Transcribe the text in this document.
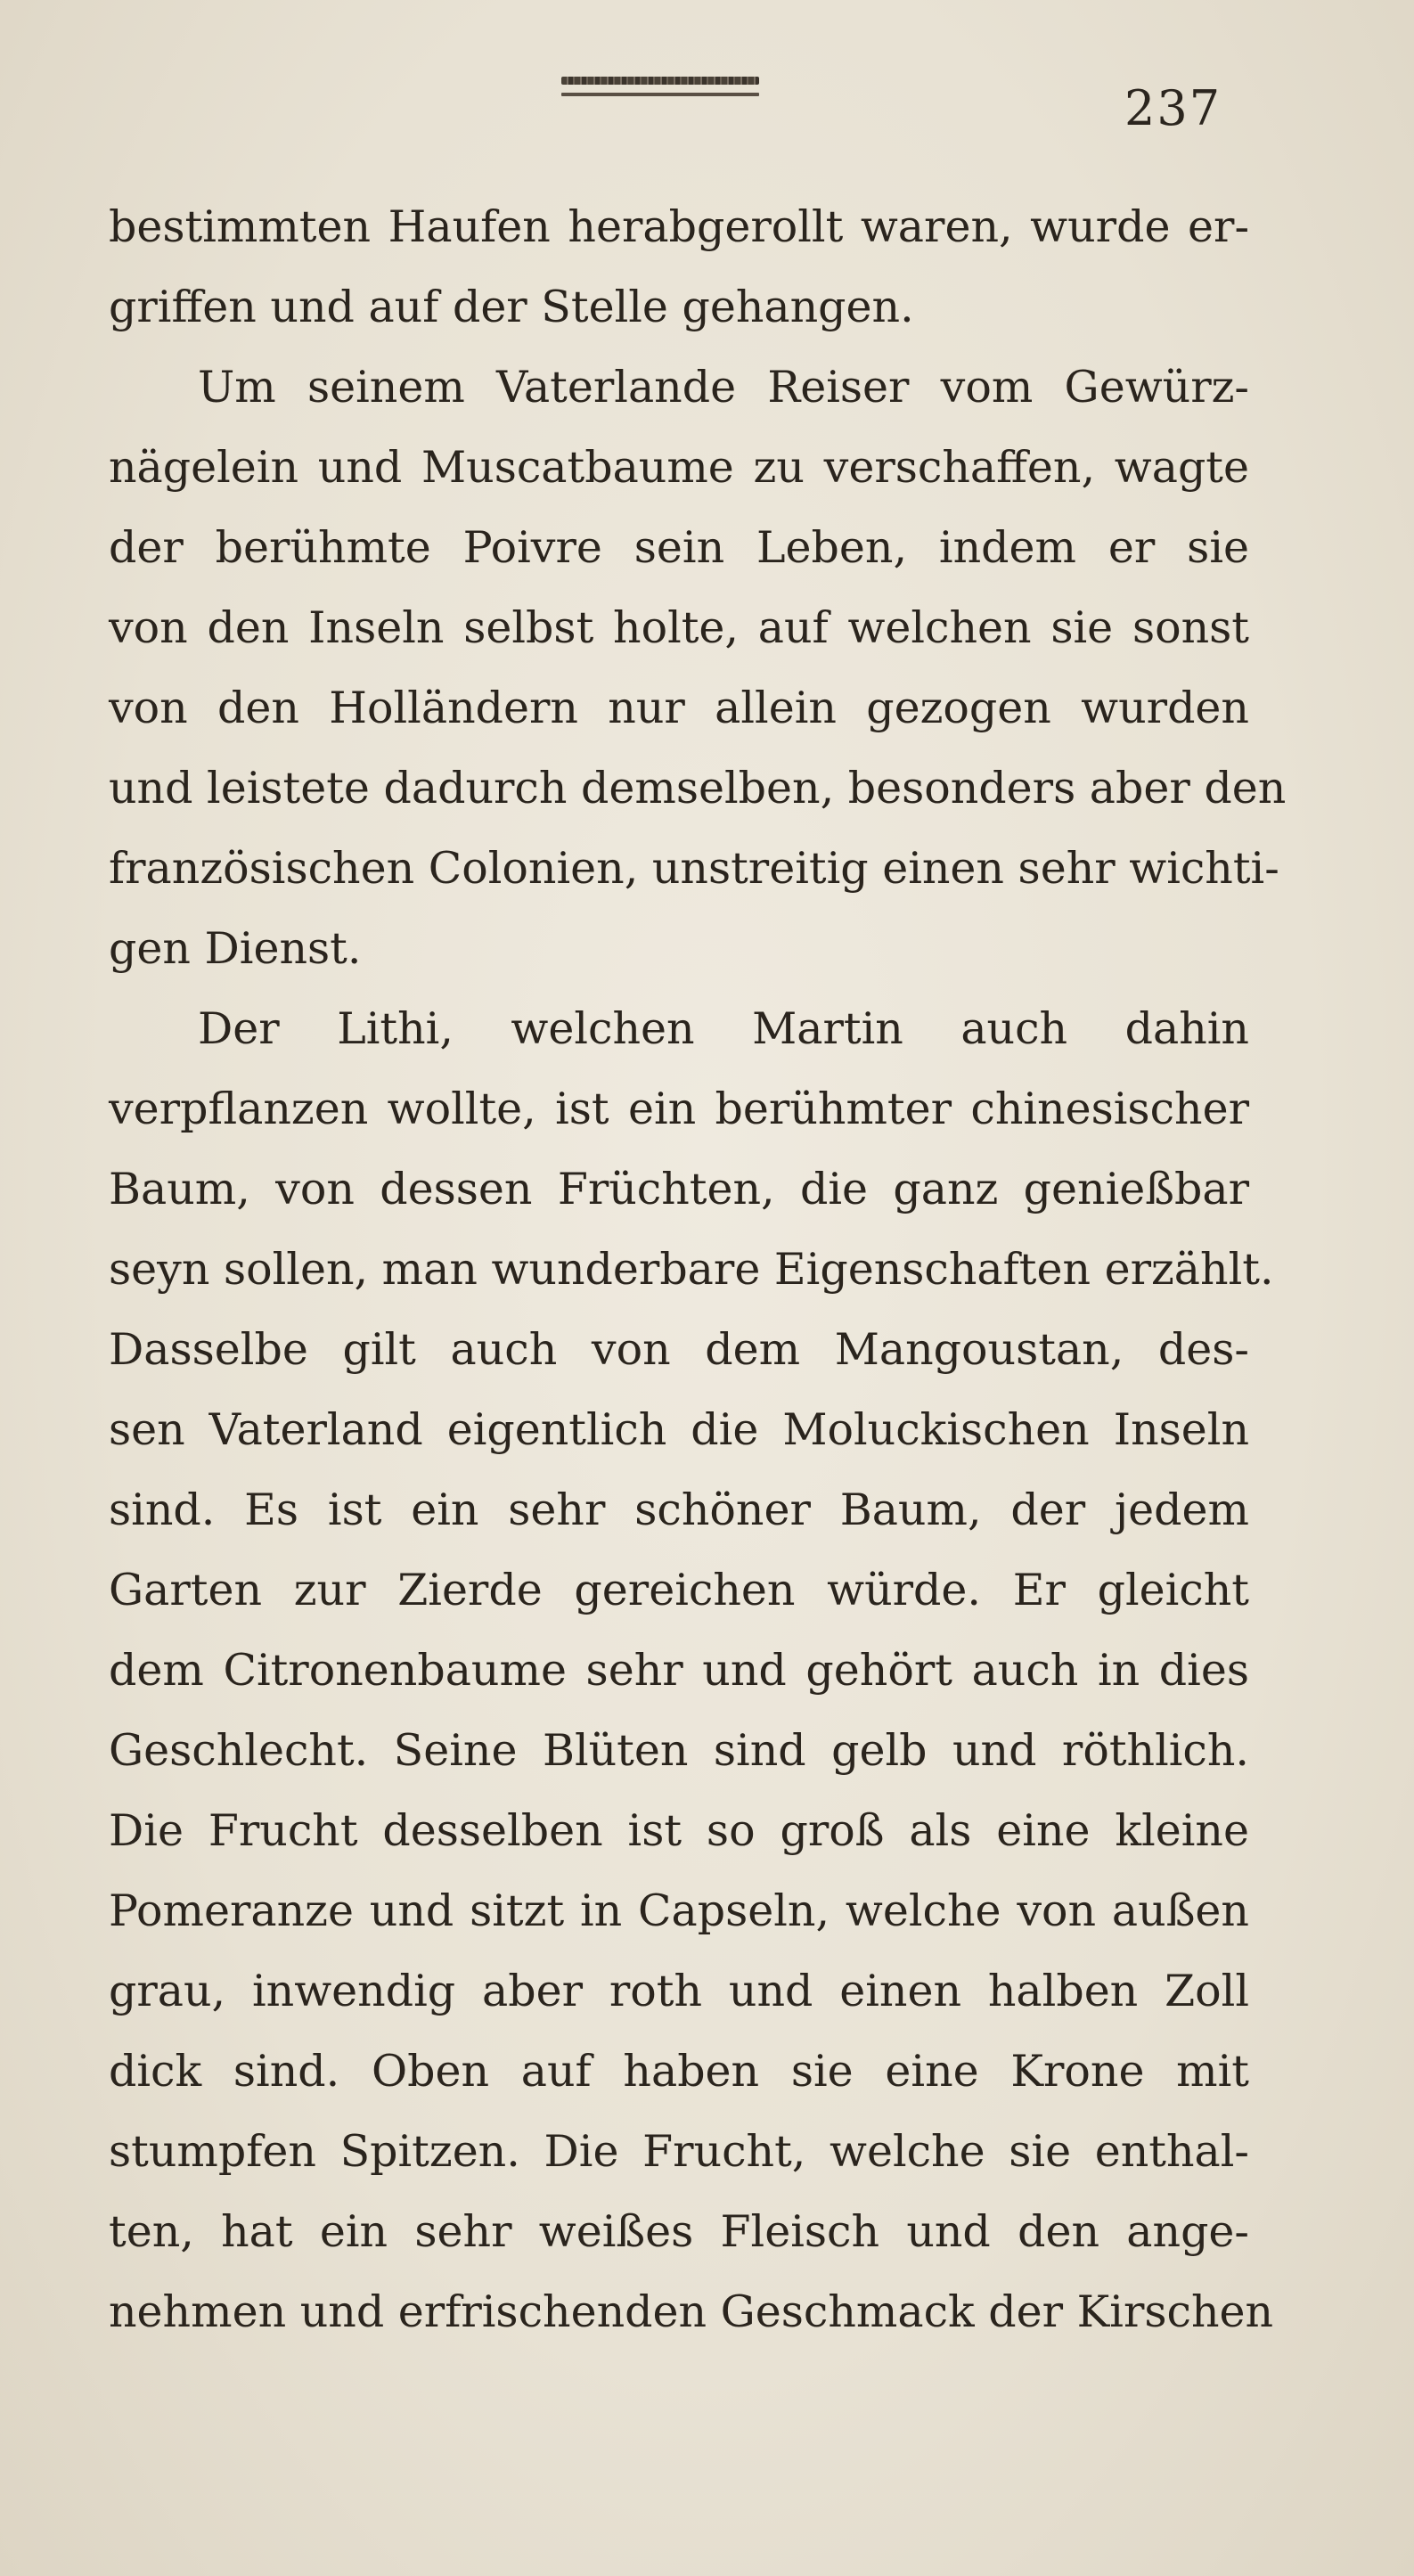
237
bestimmten Haufen herabgerollt waren, wurde er-
griffen und auf der Stelle gehangen.
Um seinem Vaterlande Reiser vom Gewürz-
nägelein und Muscatbaume zu verschaffen, wagte
der berühmte Poivre sein Leben, indem er sie
von den Inseln selbst holte, auf welchen sie sonst
von den Holländern nur allein gezogen wurden
und leistete dadurch demselben, besonders aber den
französischen Colonien, unstreitig einen sehr wichti-
gen Dienst.
Der Lithi, welchen Martin auch dahin
verpflanzen wollte, ist ein berühmter chinesischer
Baum, von dessen Früchten, die ganz genießbar
seyn sollen, man wunderbare Eigenschaften erzählt.
Dasselbe gilt auch von dem Mangoustan, des-
sen Vaterland eigentlich die Moluckischen Inseln
sind. Es ist ein sehr schöner Baum, der jedem
Garten zur Zierde gereichen würde. Er gleicht
dem Citronenbaume sehr und gehört auch in dies
Geschlecht. Seine Blüten sind gelb und röthlich.
Die Frucht desselben ist so groß als eine kleine
Pomeranze und sitzt in Capseln, welche von außen
grau, inwendig aber roth und einen halben Zoll
dick sind. Oben auf haben sie eine Krone mit
stumpfen Spitzen. Die Frucht, welche sie enthal-
ten, hat ein sehr weißes Fleisch und den ange-
nehmen und erfrischenden Geschmack der Kirschen
